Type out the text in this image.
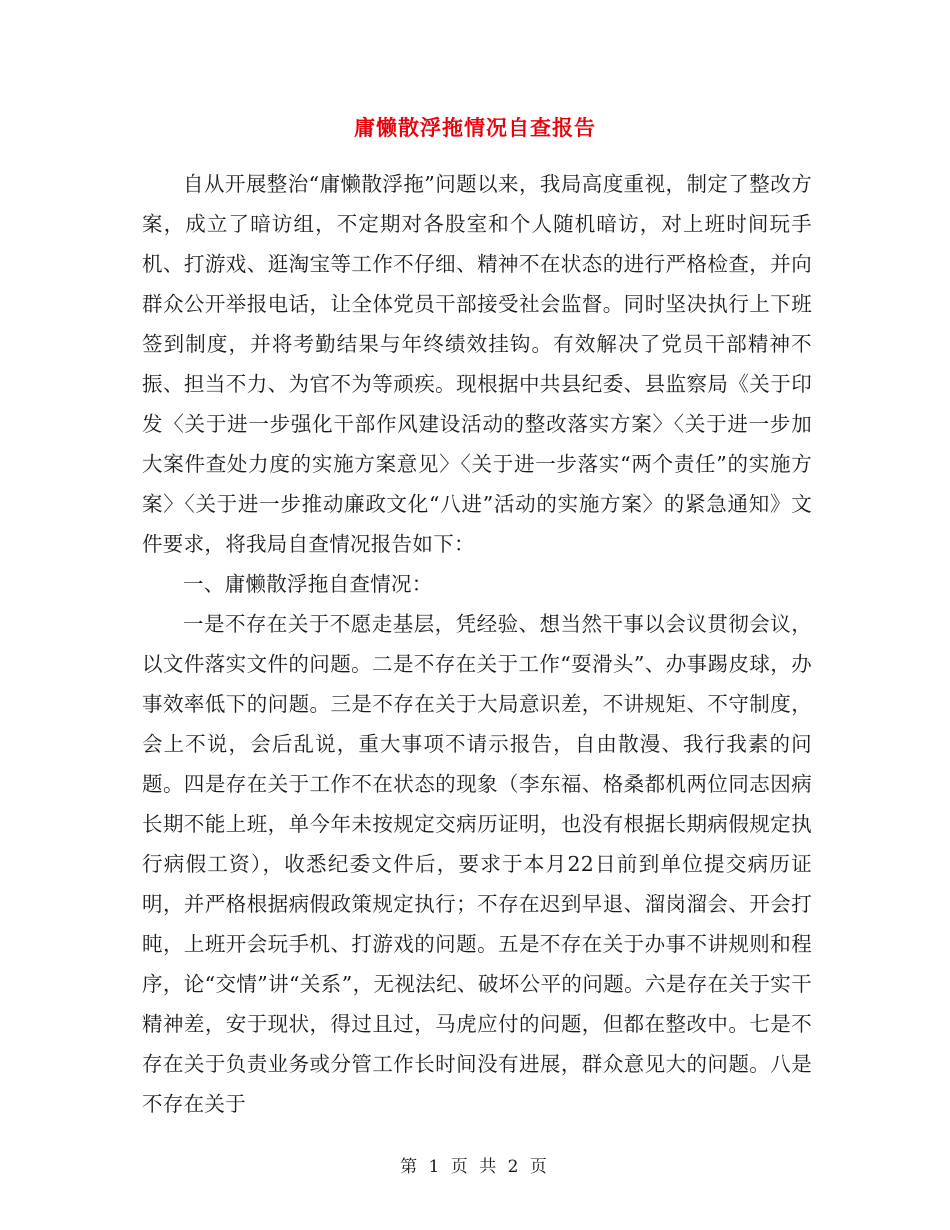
庸懒散浮拖情况自查报告

自从开展整治“庸懒散浮拖”问题以来，我局高度重视，制定了整改方案，成立了暗访组，不定期对各股室和个人随机暗访，对上班时间玩手机、打游戏、逛淘宝等工作不仔细、精神不在状态的进行严格检查，并向群众公开举报电话，让全体党员干部接受社会监督。同时坚决执行上下班签到制度，并将考勤结果与年终绩效挂钩。有效解决了党员干部精神不振、担当不力、为官不为等顽疾。现根据中共县纪委、县监察局《关于印发〈关于进一步强化干部作风建设活动的整改落实方案〉〈关于进一步加大案件查处力度的实施方案意见〉〈关于进一步落实“两个责任”的实施方案〉〈关于进一步推动廉政文化“八进”活动的实施方案〉的紧急通知》文件要求，将我局自查情况报告如下：

一、庸懒散浮拖自查情况：

一是不存在关于不愿走基层，凭经验、想当然干事以会议贯彻会议，以文件落实文件的问题。二是不存在关于工作“耍滑头”、办事踢皮球，办事效率低下的问题。三是不存在关于大局意识差，不讲规矩、不守制度，会上不说，会后乱说，重大事项不请示报告，自由散漫、我行我素的问题。四是存在关于工作不在状态的现象（李东福、格桑都机两位同志因病长期不能上班，单今年未按规定交病历证明，也没有根据长期病假规定执行病假工资），收悉纪委文件后，要求于本月22日前到单位提交病历证明，并严格根据病假政策规定执行；不存在迟到早退、溜岗溜会、开会打盹，上班开会玩手机、打游戏的问题。五是不存在关于办事不讲规则和程序，论“交情”讲“关系”，无视法纪、破坏公平的问题。六是存在关于实干精神差，安于现状，得过且过，马虎应付的问题，但都在整改中。七是不存在关于负责业务或分管工作长时间没有进展，群众意见大的问题。八是不存在关于

第 1 页 共 2 页
